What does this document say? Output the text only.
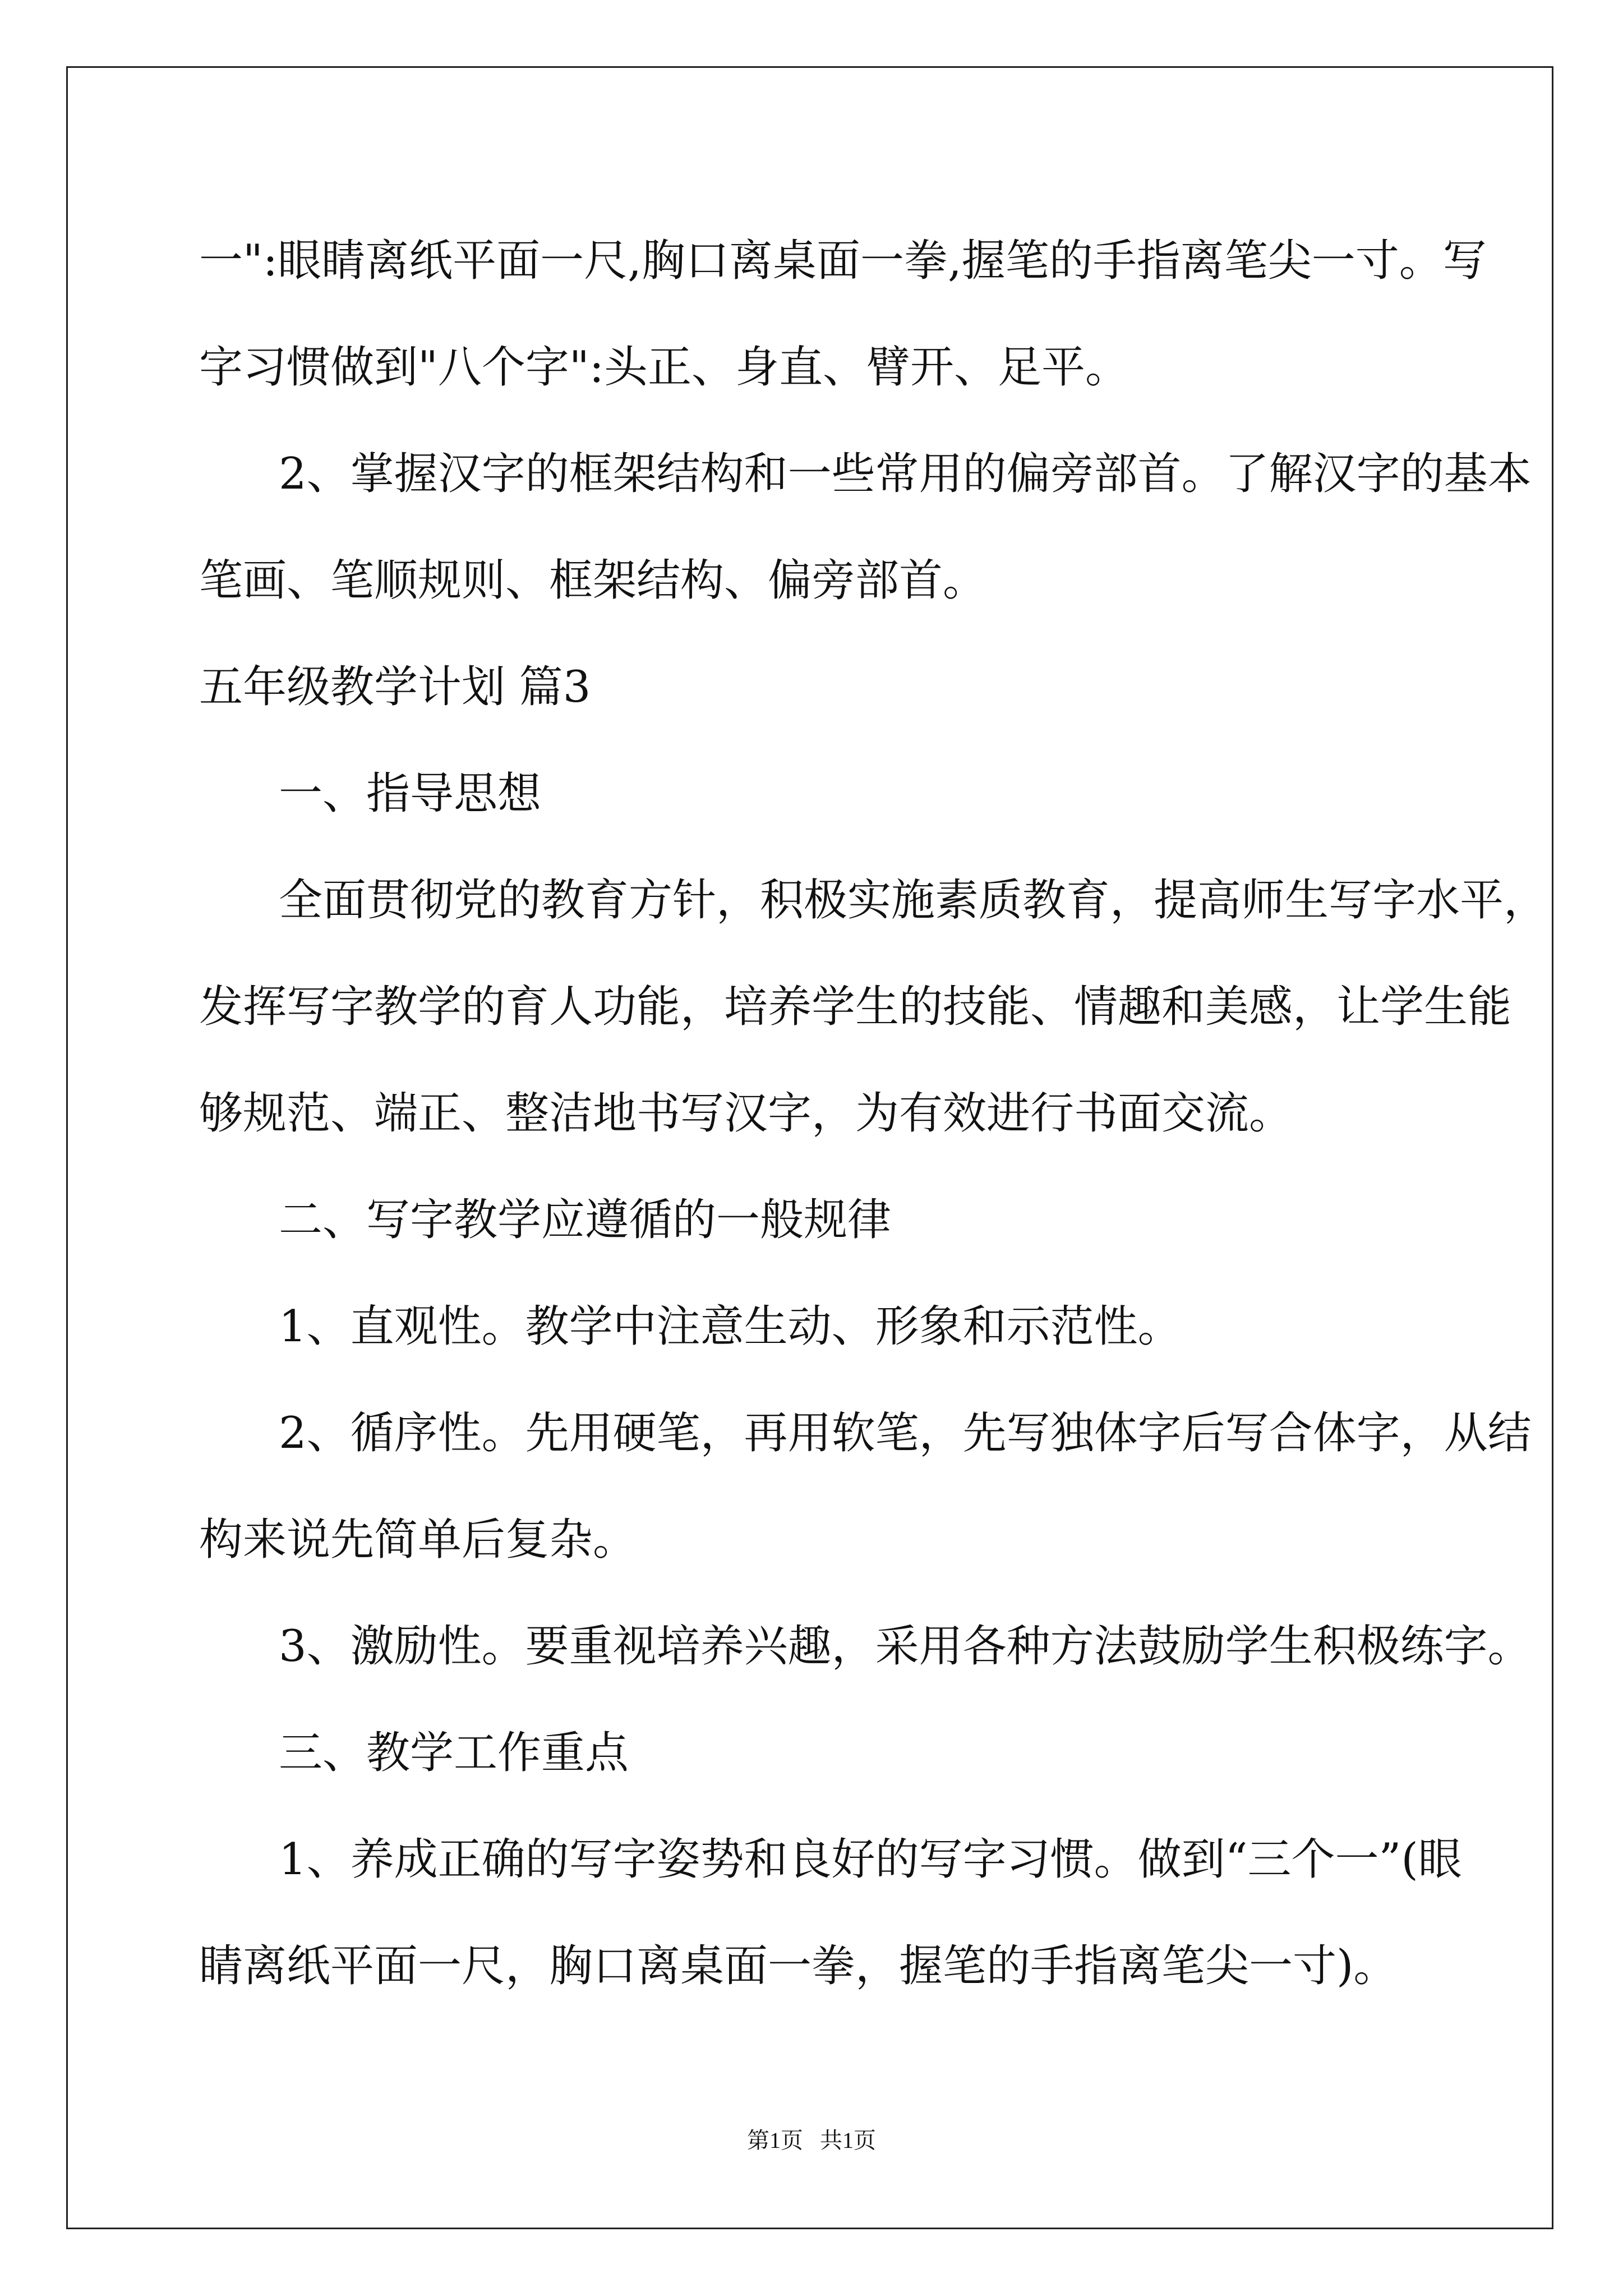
一":眼睛离纸平面一尺,胸口离桌面一拳,握笔的手指离笔尖一寸。写
字习惯做到"八个字":头正、身直、臂开、足平。
2、掌握汉字的框架结构和一些常用的偏旁部首。了解汉字的基本
笔画、笔顺规则、框架结构、偏旁部首。
五年级教学计划 篇3
一、指导思想
全面贯彻党的教育方针，积极实施素质教育，提高师生写字水平，
发挥写字教学的育人功能，培养学生的技能、情趣和美感，让学生能
够规范、端正、整洁地书写汉字，为有效进行书面交流。
二、写字教学应遵循的一般规律
1、直观性。教学中注意生动、形象和示范性。
2、循序性。先用硬笔，再用软笔，先写独体字后写合体字，从结
构来说先简单后复杂。
3、激励性。要重视培养兴趣，采用各种方法鼓励学生积极练字。
三、教学工作重点
1、养成正确的写字姿势和良好的写字习惯。做到“三个一”(眼
睛离纸平面一尺，胸口离桌面一拳，握笔的手指离笔尖一寸)。
第1页 共1页
